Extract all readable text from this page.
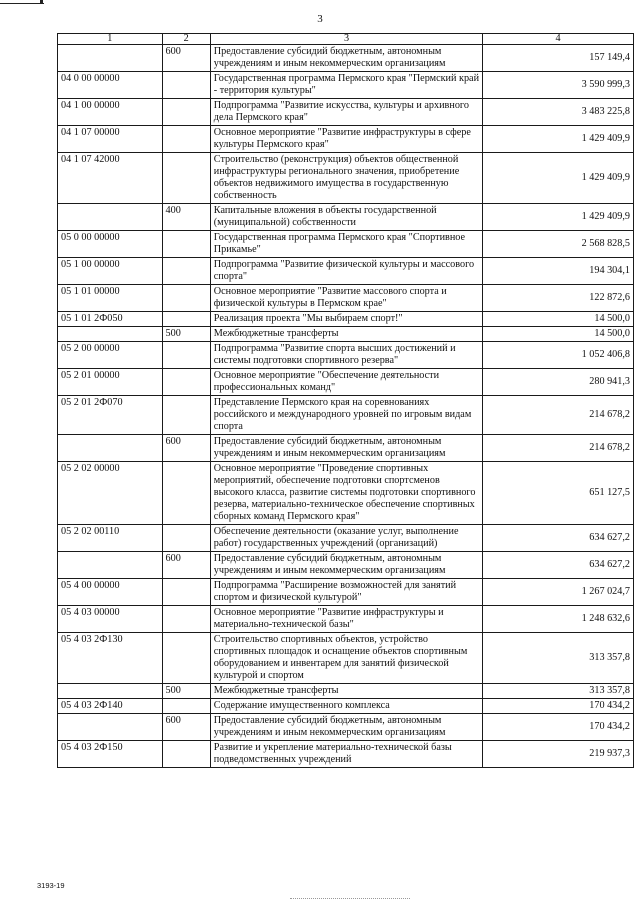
3
1	2	3	4
	600	Предоставление субсидий бюджетным, автономным учреждениям и иным некоммерческим организациям	157 149,4
04 0 00 00000		Государственная программа Пермского края "Пермский край - территория культуры"	3 590 999,3
04 1 00 00000		Подпрограмма "Развитие искусства, культуры и архивного дела Пермского края"	3 483 225,8
04 1 07 00000		Основное мероприятие "Развитие инфраструктуры в сфере культуры Пермского края"	1 429 409,9
04 1 07 42000		Строительство (реконструкция) объектов общественной инфраструктуры регионального значения, приобретение объектов недвижимого имущества в государственную собственность	1 429 409,9
	400	Капитальные вложения в объекты государственной (муниципальной) собственности	1 429 409,9
05 0 00 00000		Государственная программа Пермского края "Спортивное Прикамье"	2 568 828,5
05 1 00 00000		Подпрограмма "Развитие физической культуры и массового спорта"	194 304,1
05 1 01 00000		Основное мероприятие "Развитие массового спорта и физической культуры в Пермском крае"	122 872,6
05 1 01 2Ф050		Реализация проекта "Мы выбираем спорт!"	14 500,0
	500	Межбюджетные трансферты	14 500,0
05 2 00 00000		Подпрограмма "Развитие спорта высших достижений и системы подготовки спортивного резерва"	1 052 406,8
05 2 01 00000		Основное мероприятие "Обеспечение деятельности профессиональных команд"	280 941,3
05 2 01 2Ф070		Представление Пермского края на соревнованиях российского и международного уровней по игровым видам спорта	214 678,2
	600	Предоставление субсидий бюджетным, автономным учреждениям и иным некоммерческим организациям	214 678,2
05 2 02 00000		Основное мероприятие "Проведение спортивных мероприятий, обеспечение подготовки спортсменов высокого класса, развитие системы подготовки спортивного резерва, материально-техническое обеспечение спортивных сборных команд Пермского края"	651 127,5
05 2 02 00110		Обеспечение деятельности (оказание услуг, выполнение работ) государственных учреждений (организаций)	634 627,2
	600	Предоставление субсидий бюджетным, автономным учреждениям и иным некоммерческим организациям	634 627,2
05 4 00 00000		Подпрограмма "Расширение возможностей для занятий спортом и физической культурой"	1 267 024,7
05 4 03 00000		Основное мероприятие "Развитие инфраструктуры и материально-технической базы"	1 248 632,6
05 4 03 2Ф130		Строительство спортивных объектов, устройство спортивных площадок и оснащение объектов спортивным оборудованием и инвентарем для занятий физической культурой и спортом	313 357,8
	500	Межбюджетные трансферты	313 357,8
05 4 03 2Ф140		Содержание имущественного комплекса	170 434,2
	600	Предоставление субсидий бюджетным, автономным учреждениям и иным некоммерческим организациям	170 434,2
05 4 03 2Ф150		Развитие и укрепление материально-технической базы подведомственных учреждений	219 937,3
3193-19
